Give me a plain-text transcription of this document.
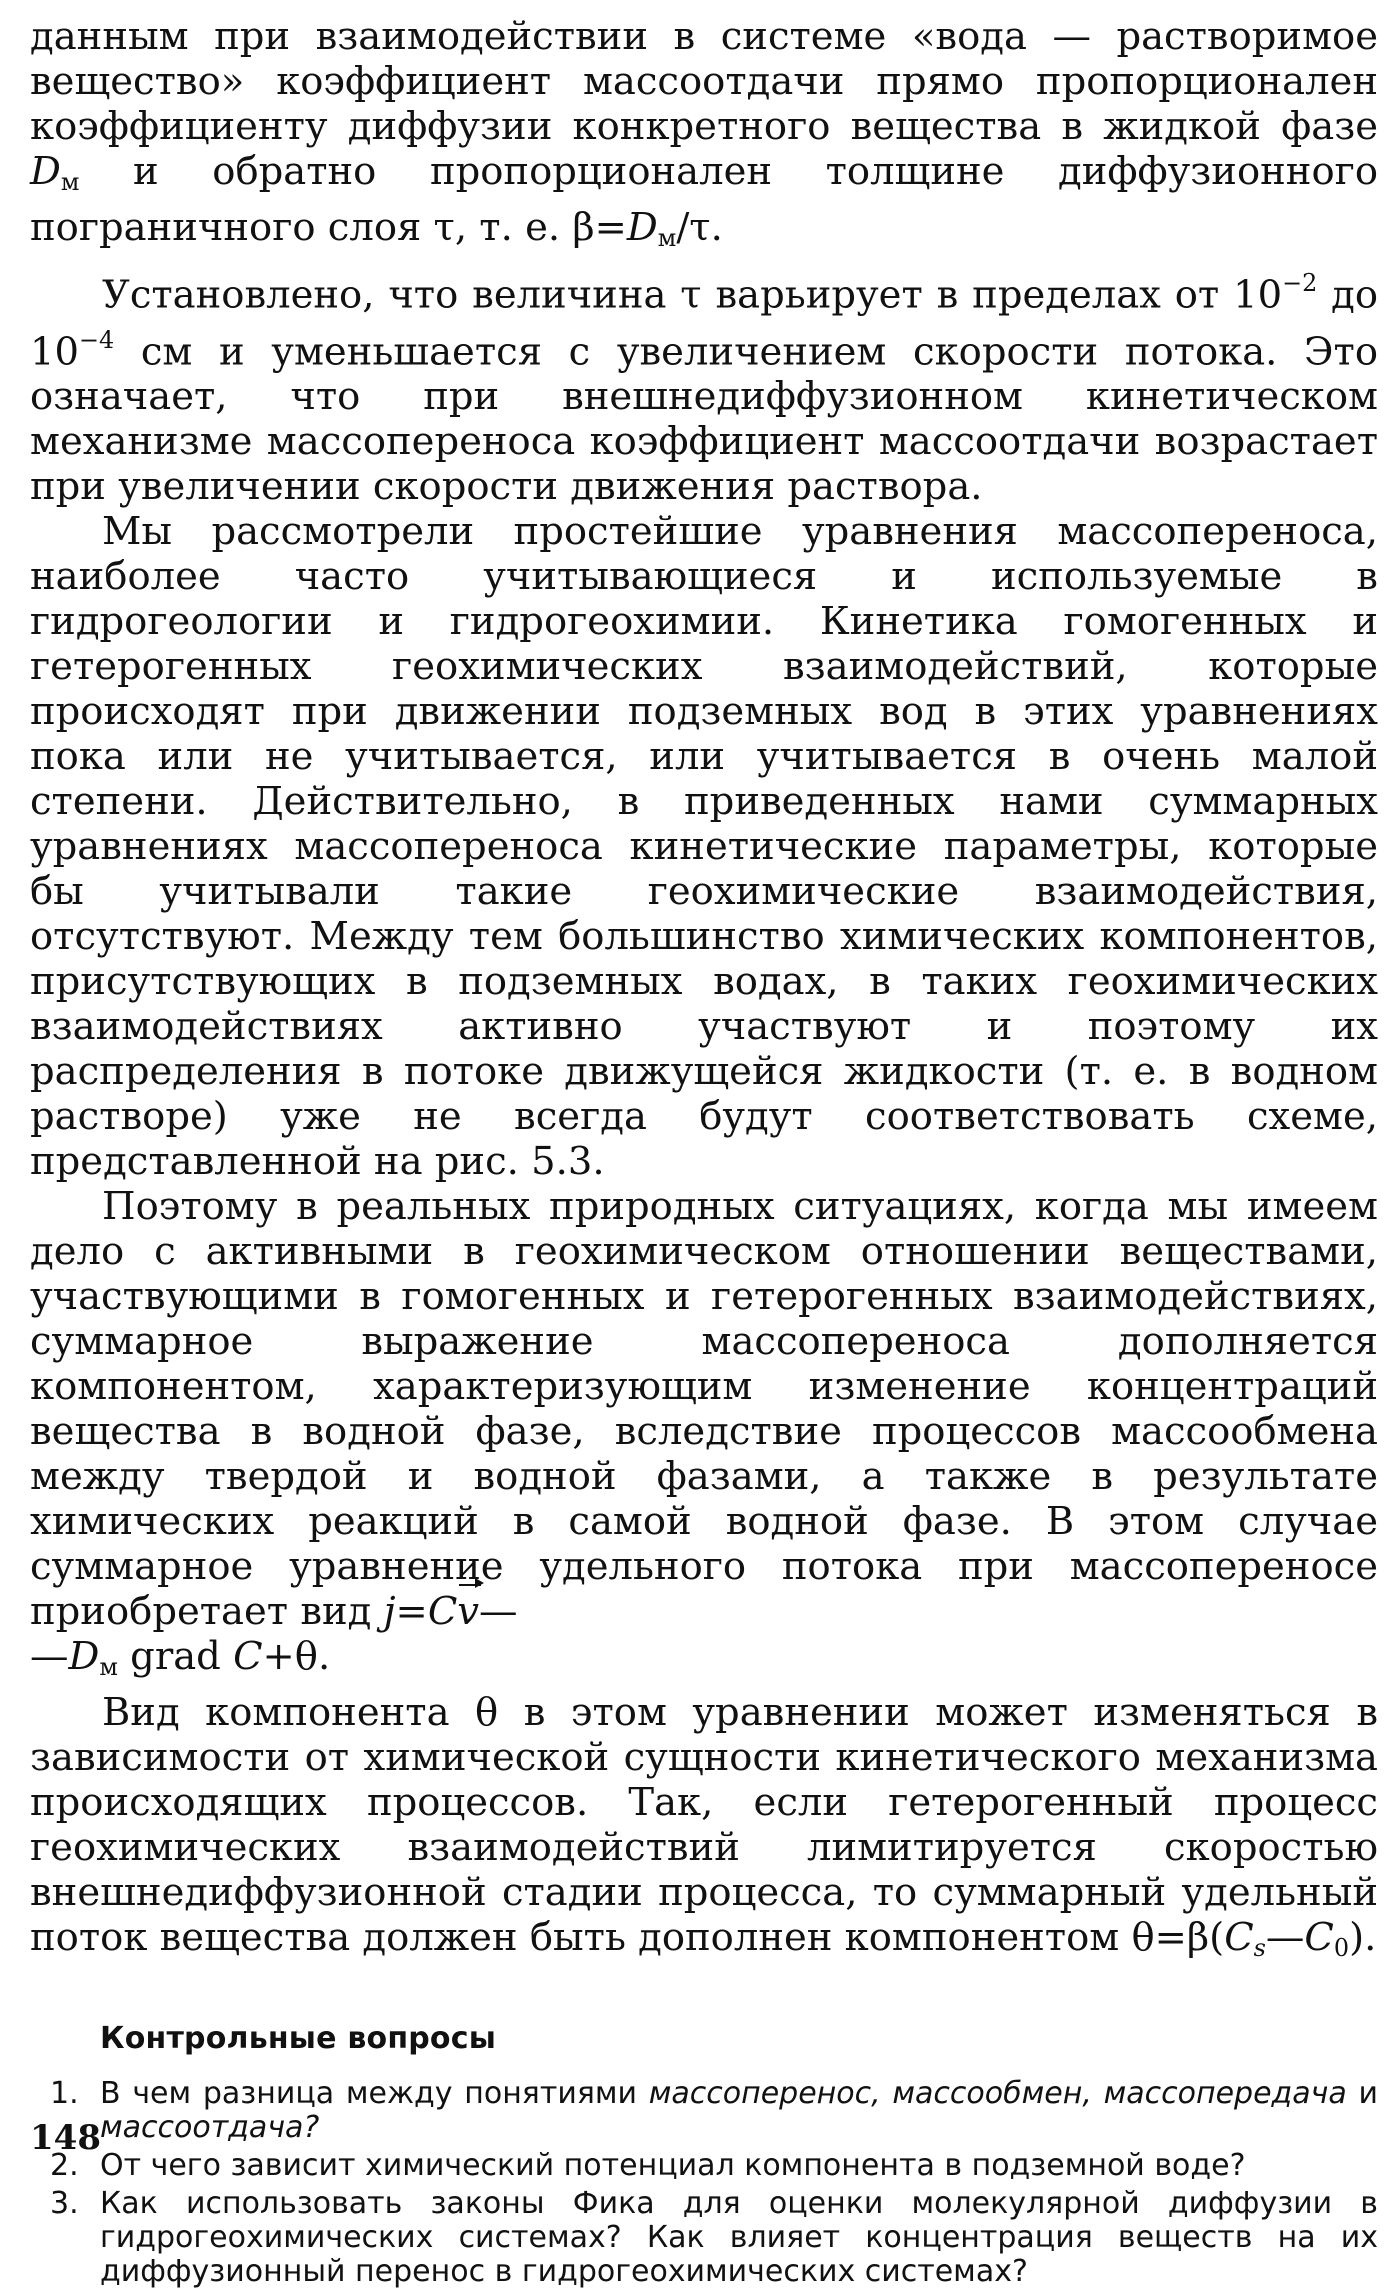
данным при взаимодействии в системе «вода — растворимое вещество» коэффициент массоотдачи прямо пропорционален коэффициенту диффузии конкретного вещества в жидкой фазе $D_м$ и обратно пропорционален толщине диффузионного пограничного слоя τ, т. е. $\beta=D_м/\tau$.

Установлено, что величина τ варьирует в пределах от $10^{-2}$ до $10^{-4}$ см и уменьшается с увеличением скорости потока. Это означает, что при внешнедиффузионном кинетическом механизме массопереноса коэффициент массоотдачи возрастает при увеличении скорости движения раствора.

Мы рассмотрели простейшие уравнения массопереноса, наиболее часто учитывающиеся и используемые в гидрогеологии и гидрогеохимии. Кинетика гомогенных и гетерогенных геохимических взаимодействий, которые происходят при движении подземных вод в этих уравнениях пока или не учитывается, или учитывается в очень малой степени. Действительно, в приведенных нами суммарных уравнениях массопереноса кинетические параметры, которые бы учитывали такие геохимические взаимодействия, отсутствуют. Между тем большинство химических компонентов, присутствующих в подземных водах, в таких геохимических взаимодействиях активно участвуют и поэтому их распределения в потоке движущейся жидкости (т. е. в водном растворе) уже не всегда будут соответствовать схеме, представленной на рис. 5.3.

Поэтому в реальных природных ситуациях, когда мы имеем дело с активными в геохимическом отношении веществами, участвующими в гомогенных и гетерогенных взаимодействиях, суммарное выражение массопереноса дополняется компонентом, характеризующим изменение концентраций вещества в водной фазе, вследствие процессов массообмена между твердой и водной фазами, а также в результате химических реакций в самой водной фазе. В этом случае суммарное уравнение удельного потока при массопереносе приобретает вид j=Cv—
$—D_м$ grad C+θ.

Вид компонента θ в этом уравнении может изменяться в зависимости от химической сущности кинетического механизма происходящих процессов. Так, если гетерогенный процесс геохимических взаимодействий лимитируется скоростью внешнедиффузионной стадии процесса, то суммарный удельный поток вещества должен быть дополнен компонентом $\theta=\beta(C_s—C_0)$.

Контрольные вопросы
1. В чем разница между понятиями массоперенос, массообмен, массопередача и массоотдача?
2. От чего зависит химический потенциал компонента в подземной воде?
3. Как использовать законы Фика для оценки молекулярной диффузии в гидрогеохимических системах? Как влияет концентрация веществ на их диффузионный перенос в гидрогеохимических системах?
148
